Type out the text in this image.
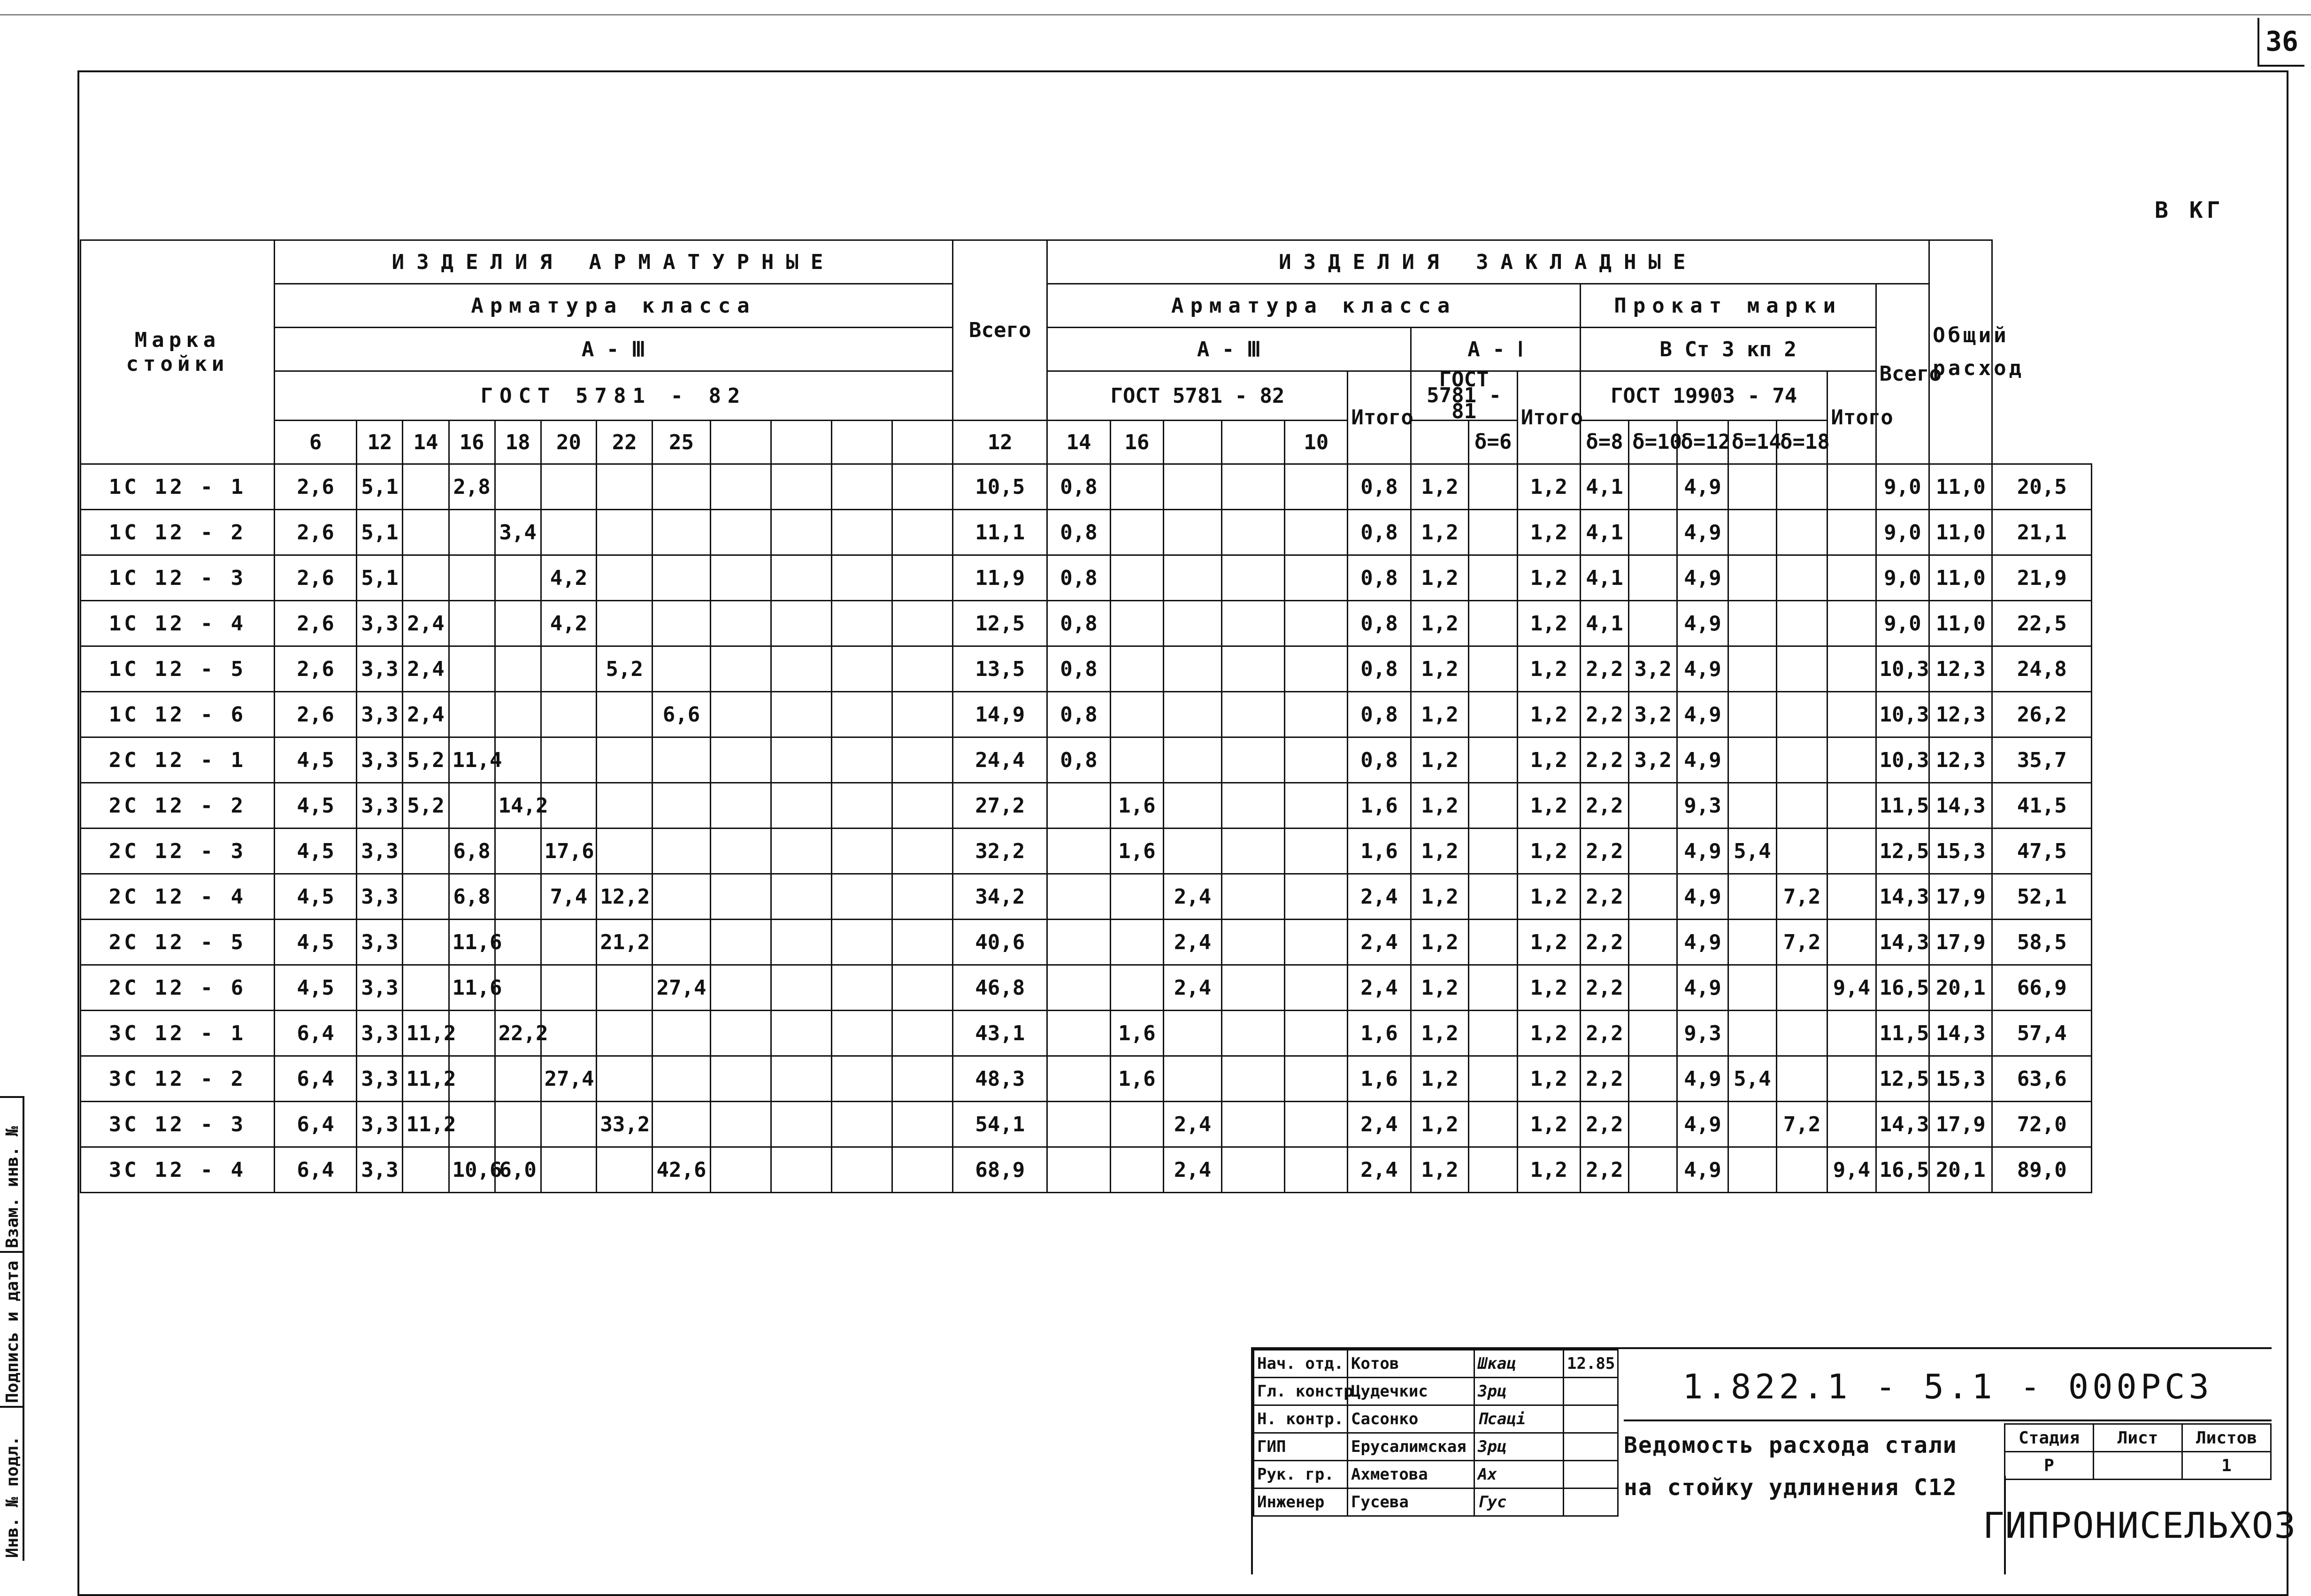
36
В КГ
Марка
стойки	ИЗДЕЛИЯ АРМАТУРНЫЕ												Всего	ИЗДЕЛИЯ ЗАКЛАДНЫЕ																Общий расход	
	Арматура класса													Арматура класса									Прокат марки						Всего		
	А - Ⅲ													А - Ⅲ						А - Ⅰ			В Ст 3 кп 2								
	ГОСТ 5781 - 82													ГОСТ 5781 - 82					Итого	ГОСТ 5781 - 81		Итого	ГОСТ 19903 - 74					Итого			
	6	12	14	16	18	20	22	25					12	14	16			10			δ=6		δ=8	δ=10	δ=12	δ=14	δ=18				
1С 12 - 1	2,6	5,1		2,8									10,5	0,8					0,8	1,2		1,2	4,1		4,9				9,0	11,0	20,5
1С 12 - 2	2,6	5,1			3,4								11,1	0,8					0,8	1,2		1,2	4,1		4,9				9,0	11,0	21,1
1С 12 - 3	2,6	5,1				4,2							11,9	0,8					0,8	1,2		1,2	4,1		4,9				9,0	11,0	21,9
1С 12 - 4	2,6	3,3	2,4			4,2							12,5	0,8					0,8	1,2		1,2	4,1		4,9				9,0	11,0	22,5
1С 12 - 5	2,6	3,3	2,4				5,2						13,5	0,8					0,8	1,2		1,2	2,2	3,2	4,9				10,3	12,3	24,8
1С 12 - 6	2,6	3,3	2,4					6,6					14,9	0,8					0,8	1,2		1,2	2,2	3,2	4,9				10,3	12,3	26,2
2С 12 - 1	4,5	3,3	5,2	11,4									24,4	0,8					0,8	1,2		1,2	2,2	3,2	4,9				10,3	12,3	35,7
2С 12 - 2	4,5	3,3	5,2		14,2								27,2		1,6				1,6	1,2		1,2	2,2		9,3				11,5	14,3	41,5
2С 12 - 3	4,5	3,3		6,8		17,6							32,2		1,6				1,6	1,2		1,2	2,2		4,9	5,4			12,5	15,3	47,5
2С 12 - 4	4,5	3,3		6,8		7,4	12,2						34,2			2,4			2,4	1,2		1,2	2,2		4,9		7,2		14,3	17,9	52,1
2С 12 - 5	4,5	3,3		11,6			21,2						40,6			2,4			2,4	1,2		1,2	2,2		4,9		7,2		14,3	17,9	58,5
2С 12 - 6	4,5	3,3		11,6				27,4					46,8			2,4			2,4	1,2		1,2	2,2		4,9			9,4	16,5	20,1	66,9
3С 12 - 1	6,4	3,3	11,2		22,2								43,1		1,6				1,6	1,2		1,2	2,2		9,3				11,5	14,3	57,4
3С 12 - 2	6,4	3,3	11,2			27,4							48,3		1,6				1,6	1,2		1,2	2,2		4,9	5,4			12,5	15,3	63,6
3С 12 - 3	6,4	3,3	11,2				33,2						54,1			2,4			2,4	1,2		1,2	2,2		4,9		7,2		14,3	17,9	72,0
3С 12 - 4	6,4	3,3		10,6	6,0			42,6					68,9			2,4			2,4	1,2		1,2	2,2		4,9			9,4	16,5	20,1	89,0
Взам. инв. №
Подпись и дата
Инв. № подл.
Нач. отд.	Котов	Шкац	12.85
Гл. констр.	Цудечкис	Зрц	
Н. контр.	Сасонко	Псаці	
ГИП	Ерусалимская	Зрц	
Рук. гр.	Ахметова	Ах	
Инженер	Гусева	Гус	
1.822.1 - 5.1 - 000РС3
Ведомость расхода стали
на стойку удлинения С12
Стадия	Лист	Листов
Р		1
ГИПРОНИСЕЛЬХОЗ
